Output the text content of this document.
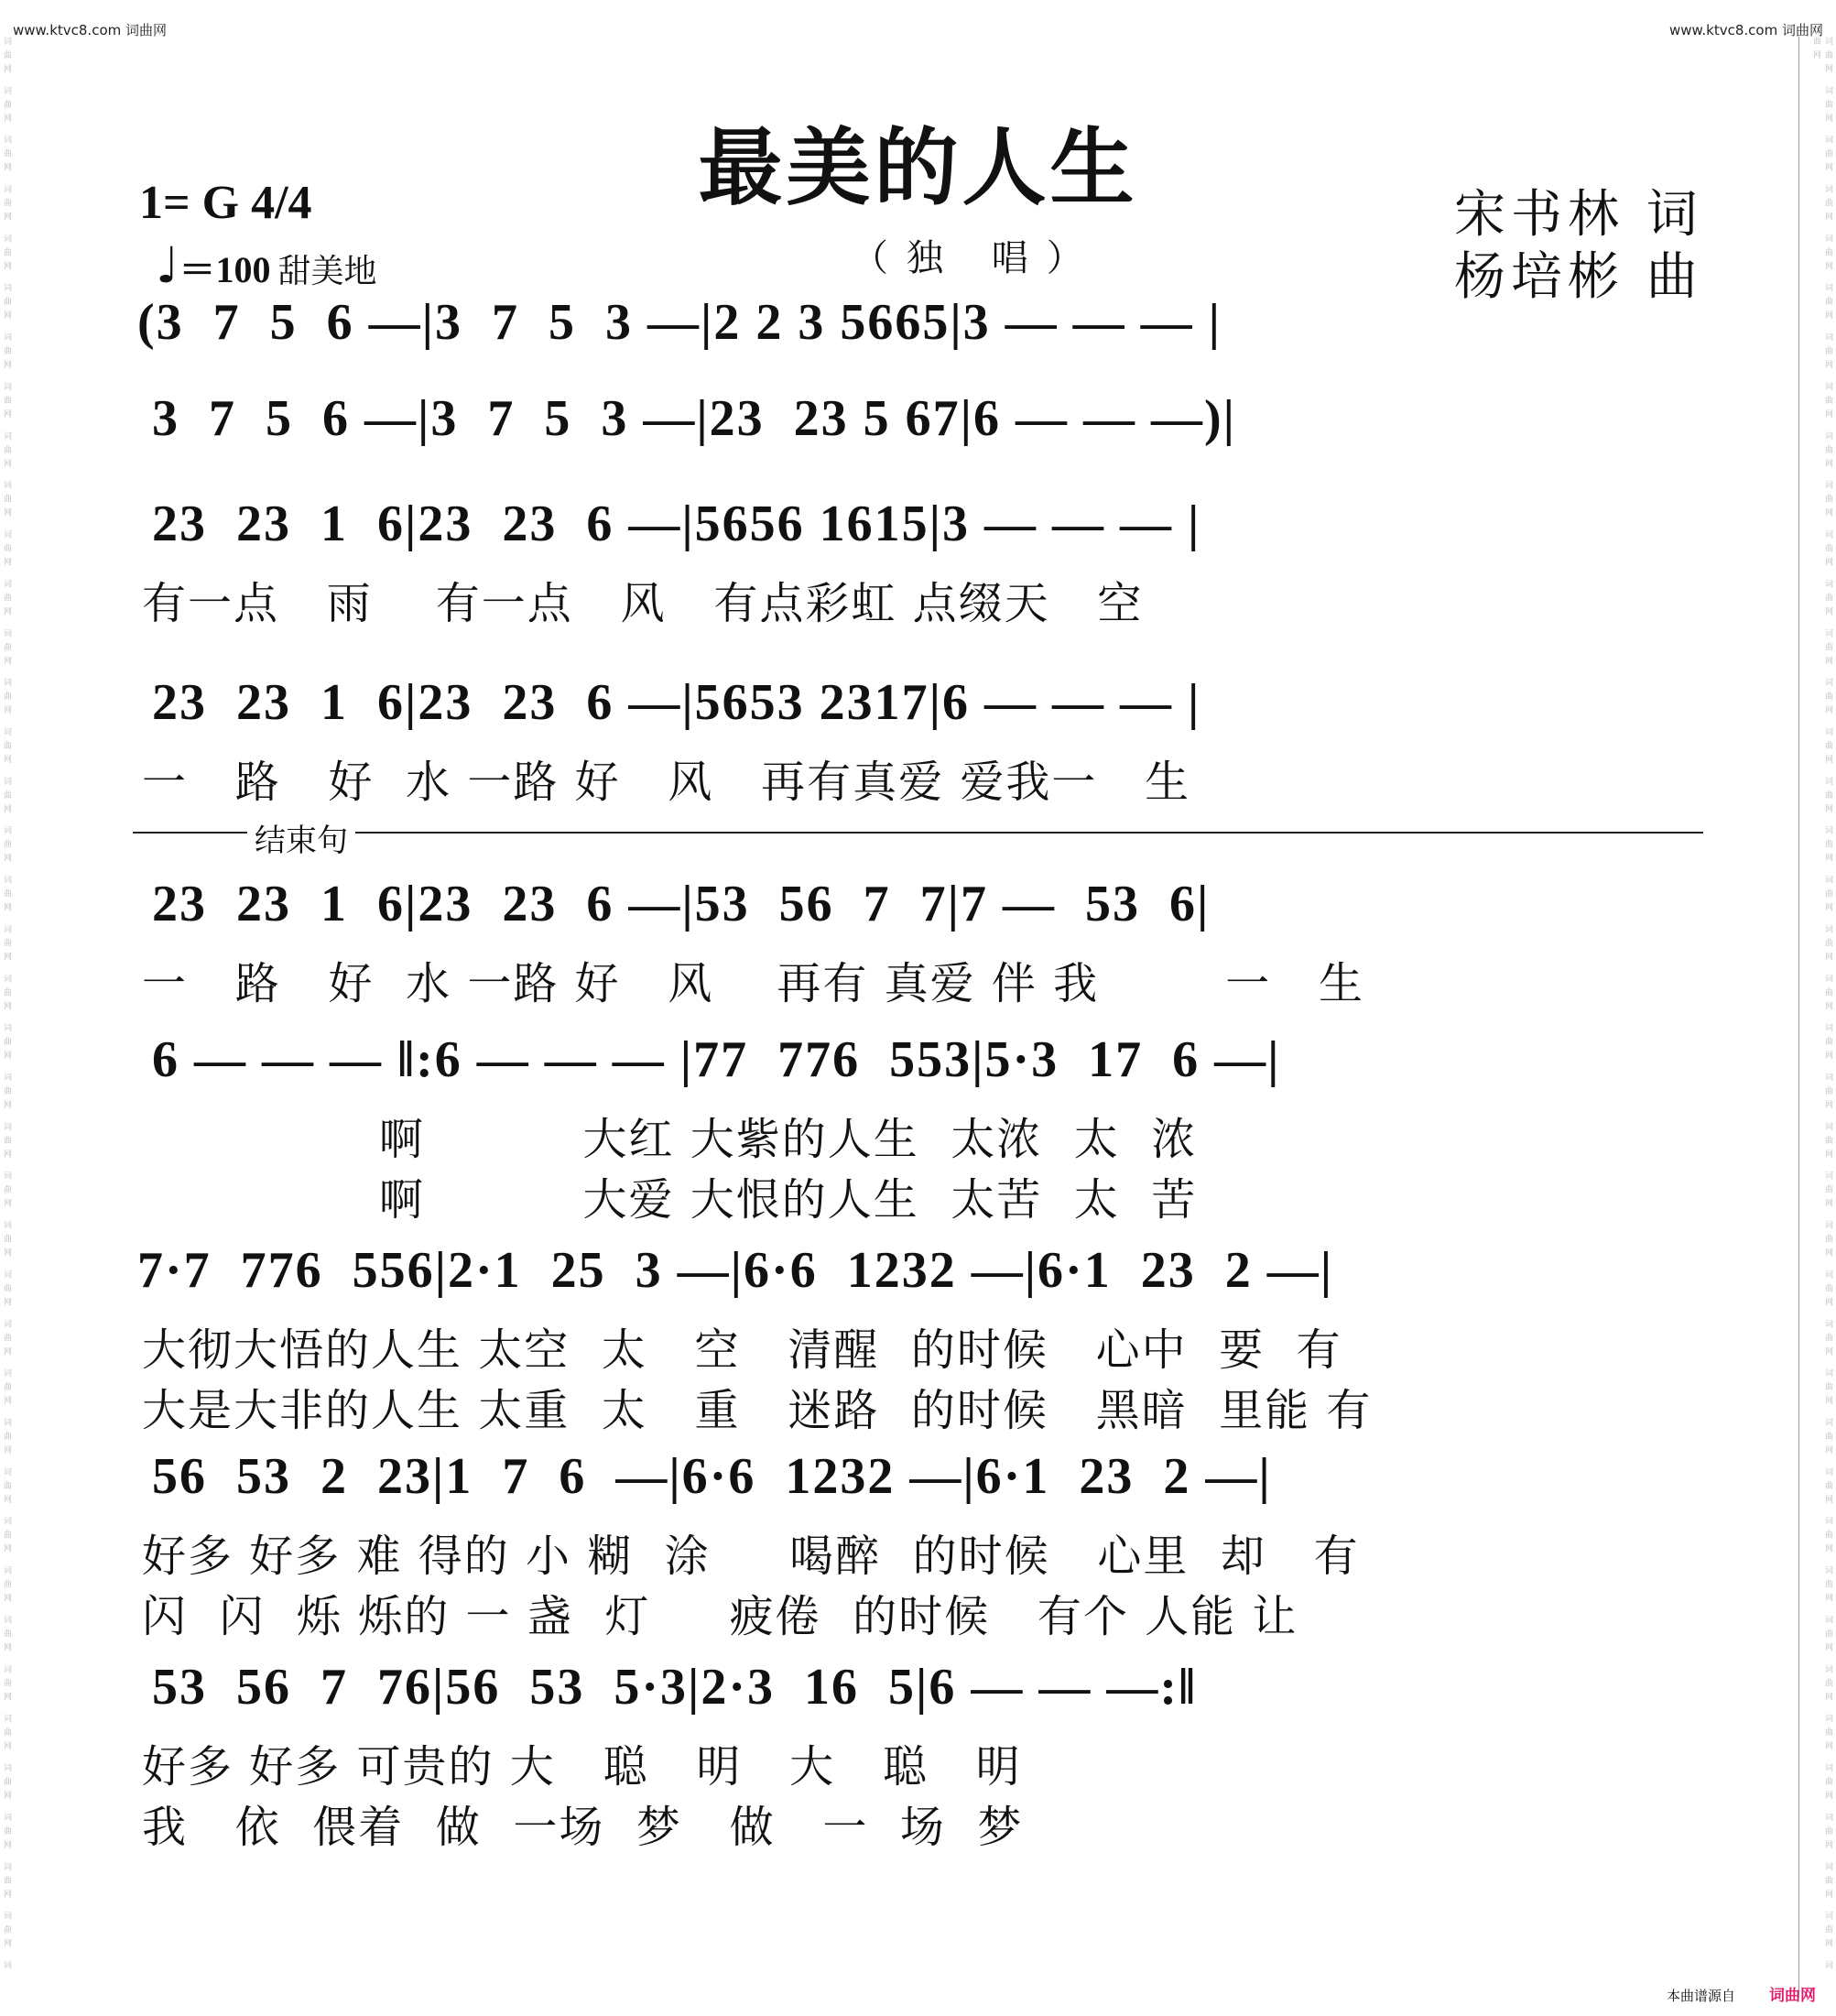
www.ktvc8.com 词曲网	www.ktvc8.com 词曲网
词曲网 词曲网 词曲网 词曲网 词曲网 词曲网 词曲网 词曲网 词曲网 词曲网 词曲网 词曲网 词曲网 词曲网 词曲网 词曲网 词曲网 词曲网 词曲网 词曲网 词曲网 词曲网 词曲网 词曲网 词曲网 词曲网 词曲网 词曲网 词曲网 词曲网 词曲网 词曲网 词曲网 词曲网 词曲网 词曲网 词曲网 词曲网 词曲网 词	词曲网 词曲网 词曲网 词曲网 词曲网 词曲网 词曲网 词曲网 词曲网 词曲网 词曲网 词曲网 词曲网 词曲网 词曲网 词曲网 词曲网 词曲网 词曲网 词曲网 词曲网 词曲网 词曲网 词曲网 词曲网 词曲网 词曲网 词曲网 词曲网 词曲网 词曲网 词曲网 词曲网 词曲网 词曲网 词曲网 词曲网 词曲网 词曲网 词曲网
最美的人生
1= G 4/4
♩＝100 甜美地	（独 唱）
宋书林 词
杨培彬 曲
结束句
(3  7  5  6 —|3  7  5  3 —|2 2 3 5665|3 — — — |
3  7  5  6 —|3  7  5  3 —|23  23 5 67|6 — — —)|
23  23  1  6|23  23  6 —|5656 1615|3 — — — |
有一点   雨    有一点   风   有点彩虹 点缀天   空
23  23  1  6|23  23  6 —|5653 2317|6 — — — |
一   路   好  水 一路 好   风   再有真爱 爱我一   生
23  23  1  6|23  23  6 —|53  56  7  7|7 —  53  6|
一   路   好  水 一路 好   风    再有 真爱 伴 我        一   生
6 — — — ‖:6 — — — |77  776  553|5·3  17  6 —|
啊          大红 大紫的人生  太浓  太  浓
啊          大爱 大恨的人生  太苦  太  苦
7·7  776  556|2·1  25  3 —|6·6  1232 —|6·1  23  2 —|
大彻大悟的人生 太空  太   空   清醒  的时候   心中  要  有
大是大非的人生 太重  太   重   迷路  的时候   黑暗  里能 有
56  53  2  23|1  7  6  —|6·6  1232 —|6·1  23  2 —|
好多 好多 难 得的 小 糊  涂     喝醉  的时候   心里  却   有
闪  闪  烁 烁的 一 盏  灯     疲倦  的时候   有个 人能 让
53  56  7  76|56  53  5·3|2·3  16  5|6 — — —:‖
好多 好多 可贵的 大   聪   明   大   聪   明
我   依  偎着  做  一场  梦   做   一  场  梦
本曲谱源自 词曲网
